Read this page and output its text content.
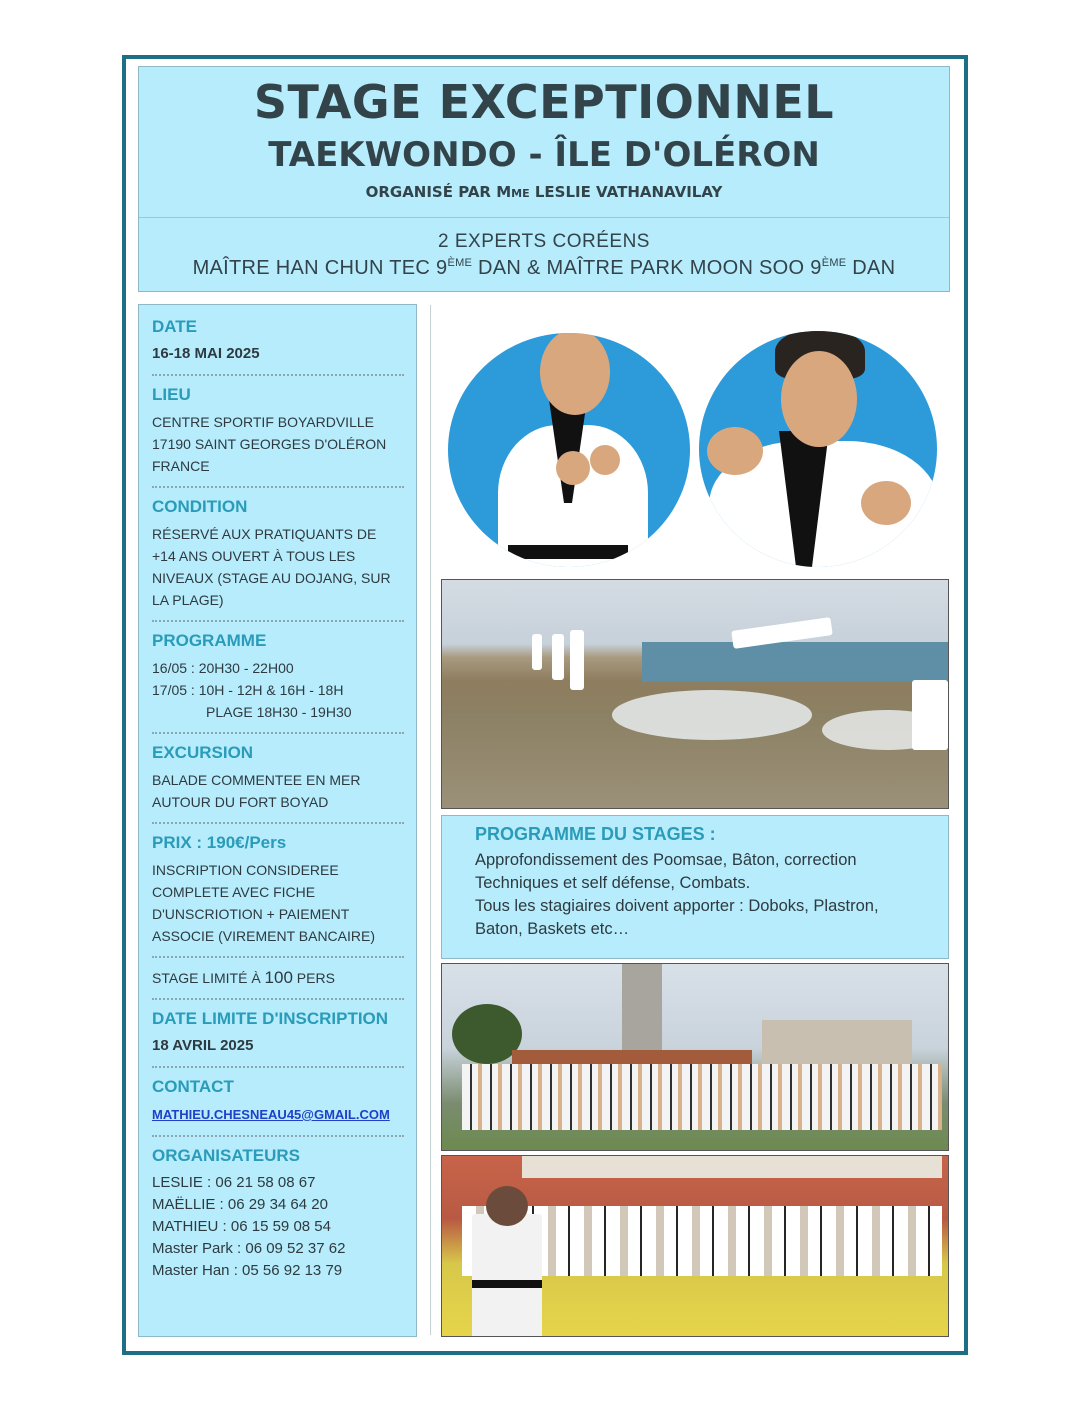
STAGE EXCEPTIONNEL
TAEKWONDO - ÎLE D'OLÉRON
ORGANISÉ PAR MME LESLIE VATHANAVILAY
2 EXPERTS CORÉENS
MAÎTRE HAN CHUN TEC 9ÈME DAN & MAÎTRE PARK MOON SOO 9ÈME DAN
DATE
16-18 MAI 2025
LIEU
CENTRE SPORTIF BOYARDVILLE
17190 SAINT GEORGES D'OLÉRON
FRANCE
CONDITION
RÉSERVÉ AUX PRATIQUANTS DE
+14 ANS OUVERT À TOUS LES
NIVEAUX (STAGE AU DOJANG, SUR
LA PLAGE)
PROGRAMME
16/05 : 20H30 - 22H00
17/05 : 10H - 12H & 16H - 18H
PLAGE 18H30 - 19H30
EXCURSION
BALADE COMMENTEE EN MER
AUTOUR DU FORT BOYAD
PRIX : 190€/Pers
INSCRIPTION CONSIDEREE
COMPLETE AVEC FICHE
D'UNSCRIOTION + PAIEMENT
ASSOCIE (VIREMENT BANCAIRE)
STAGE LIMITÉ À 100 PERS
DATE LIMITE D'INSCRIPTION
18 AVRIL 2025
CONTACT
MATHIEU.CHESNEAU45@GMAIL.COM
ORGANISATEURS
LESLIE : 06 21 58 08 67
MAËLLIE : 06 29 34 64 20
MATHIEU : 06 15 59 08 54
Master Park : 06 09 52 37 62
Master Han : 05 56 92 13 79
PROGRAMME DU STAGES :
Approfondissement des Poomsae, Bâton, correction
Techniques et self défense, Combats.
Tous les stagiaires doivent apporter : Doboks, Plastron,
Baton, Baskets etc…
